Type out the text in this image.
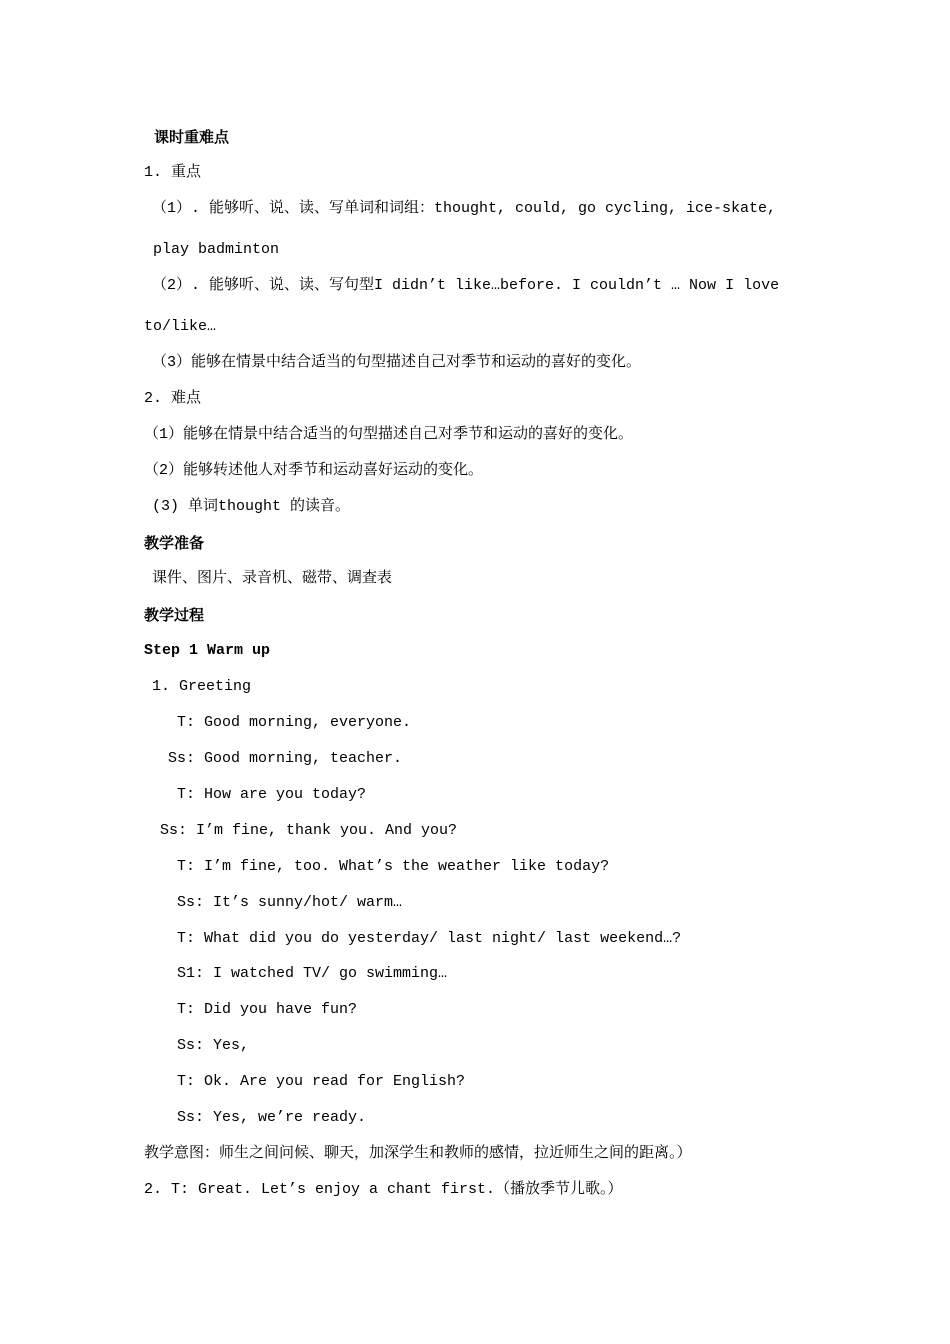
课时重难点

1. 重点

（1）. 能够听、说、读、写单词和词组：thought, could, go cycling, ice-skate,

play badminton

（2）. 能够听、说、读、写句型I didn’t like…before. I couldn’t … Now I love

to/like…

（3）能够在情景中结合适当的句型描述自己对季节和运动的喜好的变化。

2. 难点

（1）能够在情景中结合适当的句型描述自己对季节和运动的喜好的变化。

（2）能够转述他人对季节和运动喜好运动的变化。

(3) 单词thought 的读音。

教学准备

课件、图片、录音机、磁带、调查表

教学过程

Step 1 Warm up

1. Greeting

T: Good morning, everyone.

Ss: Good morning, teacher.

T: How are you today?

Ss: I’m fine, thank you. And you?

T: I’m fine, too. What’s the weather like today?

Ss: It’s sunny/hot/ warm…

T: What did you do yesterday/ last night/ last weekend…?

S1: I watched TV/ go swimming…

T: Did you have fun?

Ss: Yes,

T: Ok. Are you read for English?

Ss: Yes, we’re ready.

教学意图：师生之间问候、聊天，加深学生和教师的感情，拉近师生之间的距离。）

2. T: Great. Let’s enjoy a chant first.（播放季节儿歌。）
